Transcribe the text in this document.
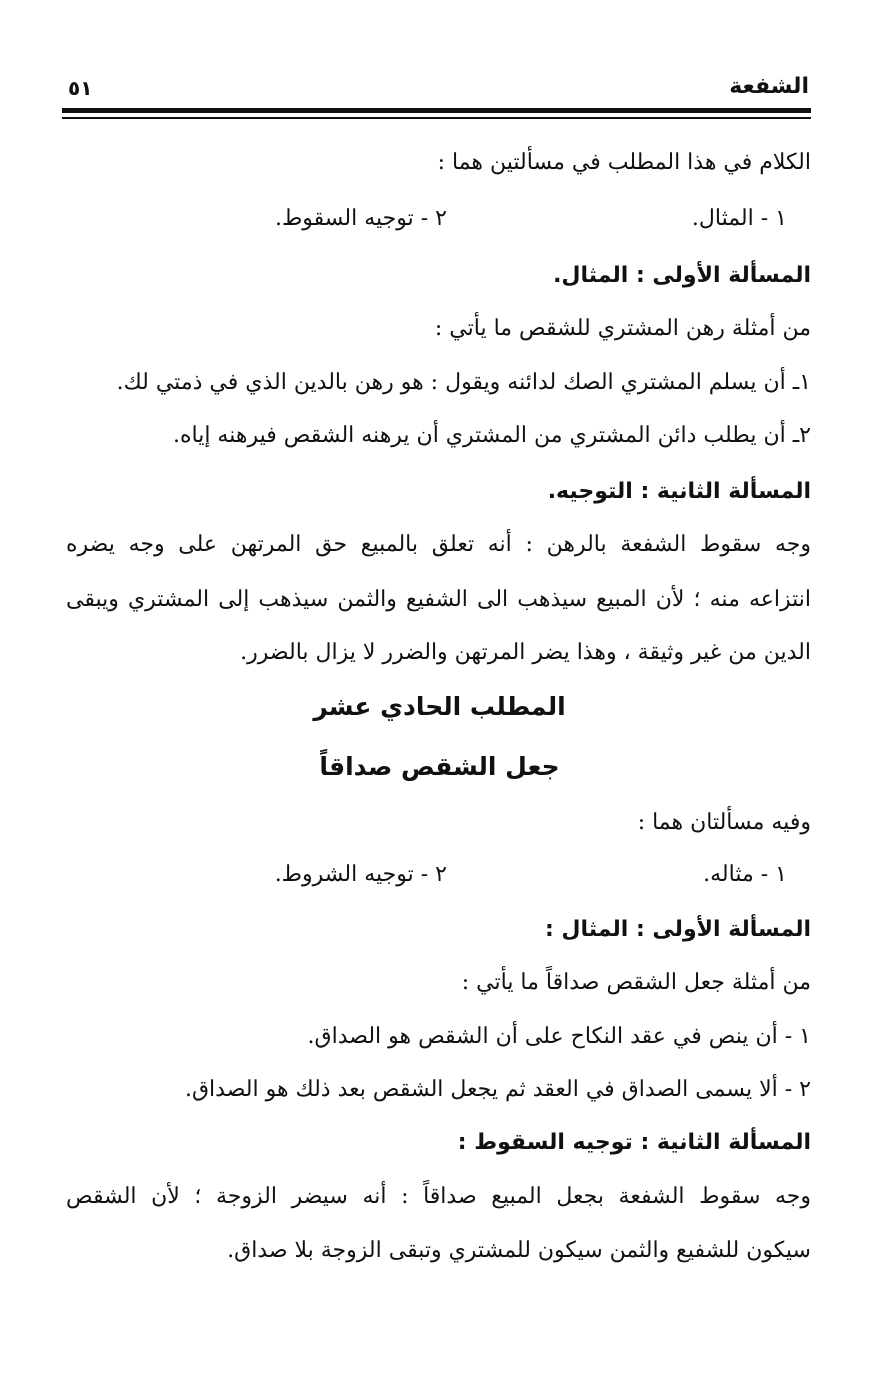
الشفعة
٥١
الكلام في هذا المطلب في مسألتين هما :
١ - المثال.
٢ - توجيه السقوط.
المسألة الأولى : المثال.
من أمثلة رهن المشتري للشقص ما يأتي :
١ـ أن يسلم المشتري الصك لدائنه ويقول : هو رهن بالدين الذي في ذمتي لك.
٢ـ أن يطلب دائن المشتري من المشتري أن يرهنه الشقص فيرهنه إياه.
المسألة الثانية : التوجيه.
وجه سقوط الشفعة بالرهن : أنه تعلق بالمبيع حق المرتهن على وجه يضره
انتزاعه منه ؛ لأن المبيع سيذهب الى الشفيع والثمن سيذهب إلى المشتري ويبقى
الدين من غير وثيقة ، وهذا يضر المرتهن والضرر لا يزال بالضرر.
المطلب الحادي عشر
جعل الشقص صداقاً
وفيه مسألتان هما :
١ - مثاله.
٢ - توجيه الشروط.
المسألة الأولى : المثال :
من أمثلة جعل الشقص صداقاً ما يأتي :
١ - أن ينص في عقد النكاح على أن الشقص هو الصداق.
٢ - ألا يسمى الصداق في العقد ثم يجعل الشقص بعد ذلك هو الصداق.
المسألة الثانية : توجيه السقوط :
وجه سقوط الشفعة بجعل المبيع صداقاً : أنه سيضر الزوجة ؛ لأن الشقص
سيكون للشفيع والثمن سيكون للمشتري وتبقى الزوجة بلا صداق.
